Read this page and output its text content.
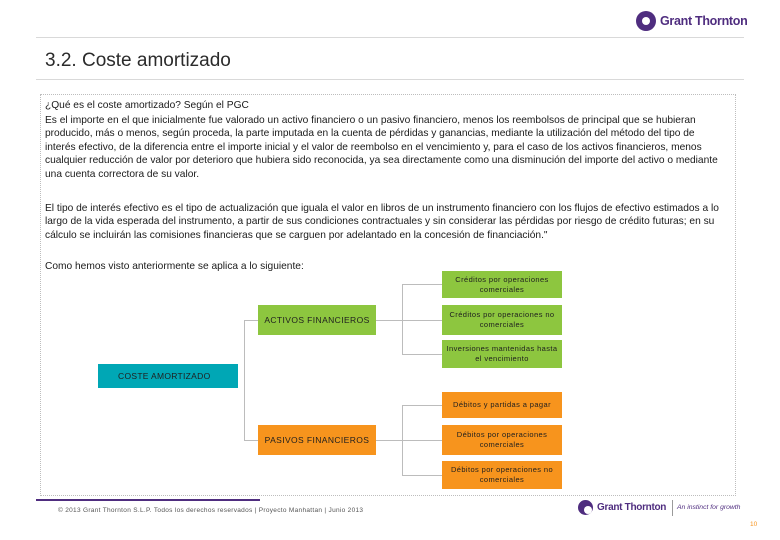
Grant Thornton
3.2. Coste amortizado
¿Qué es el coste amortizado? Según el PGC
Es el importe en el que inicialmente fue valorado un activo financiero o un pasivo financiero, menos los reembolsos de principal que se hubieran producido, más o menos, según proceda, la parte imputada en la cuenta de pérdidas y ganancias, mediante la utilización del método del tipo de interés efectivo, de la diferencia entre el importe inicial y el valor de reembolso en el vencimiento y, para el caso de los activos financieros, menos cualquier reducción de valor por deterioro que hubiera sido reconocida, ya sea directamente como una disminución del importe del activo o mediante una cuenta correctora de su valor.
El tipo de interés efectivo es el tipo de actualización que iguala el valor en libros de un instrumento financiero con los flujos de efectivo estimados a lo largo de la vida esperada del instrumento, a partir de sus condiciones contractuales y sin considerar las pérdidas por riesgo de crédito futuras; en su cálculo se incluirán las comisiones financieras que se carguen por adelantado en la concesión de financiación."
Como hemos visto anteriormente se aplica a lo siguiente:
COSTE AMORTIZADO
ACTIVOS FINANCIEROS
Créditos por operaciones comerciales
Créditos por operaciones no comerciales
Inversiones mantenidas hasta el vencimiento
PASIVOS FINANCIEROS
Débitos y partidas a pagar
Débitos por operaciones comerciales
Débitos por operaciones no comerciales
© 2013 Grant Thornton S.L.P. Todos los derechos reservados | Proyecto Manhattan | Junio 2013	Grant Thornton An instinct for growth
10
